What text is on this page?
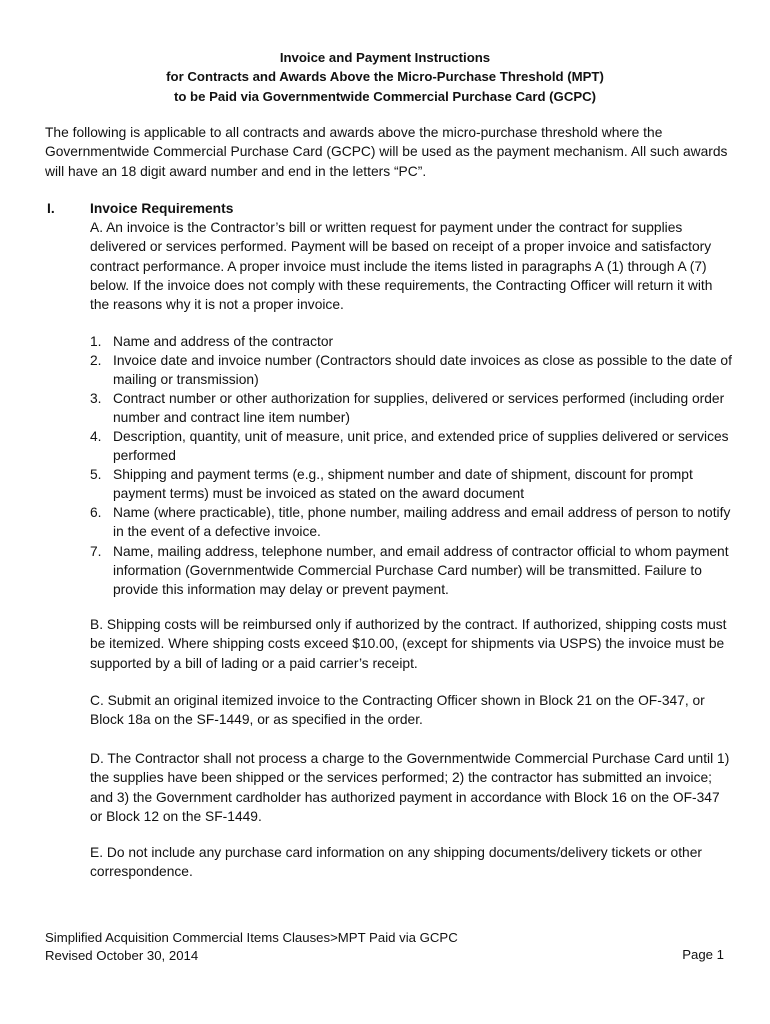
Invoice and Payment Instructions
for Contracts and Awards Above the Micro-Purchase Threshold (MPT)
to be Paid via Governmentwide Commercial Purchase Card (GCPC)
The following is applicable to all contracts and awards above the micro-purchase threshold where the Governmentwide Commercial Purchase Card (GCPC) will be used as the payment mechanism. All such awards will have an 18 digit award number and end in the letters “PC”.
I.	Invoice Requirements
A. An invoice is the Contractor’s bill or written request for payment under the contract for supplies delivered or services performed. Payment will be based on receipt of a proper invoice and satisfactory contract performance. A proper invoice must include the items listed in paragraphs A (1) through A (7) below. If the invoice does not comply with these requirements, the Contracting Officer will return it with the reasons why it is not a proper invoice.
1. Name and address of the contractor
2. Invoice date and invoice number (Contractors should date invoices as close as possible to the date of mailing or transmission)
3. Contract number or other authorization for supplies, delivered or services performed (including order number and contract line item number)
4. Description, quantity, unit of measure, unit price, and extended price of supplies delivered or services performed
5. Shipping and payment terms (e.g., shipment number and date of shipment, discount for prompt payment terms) must be invoiced as stated on the award document
6. Name (where practicable), title, phone number, mailing address and email address of person to notify in the event of a defective invoice.
7. Name, mailing address, telephone number, and email address of contractor official to whom payment information (Governmentwide Commercial Purchase Card number) will be transmitted. Failure to provide this information may delay or prevent payment.
B. Shipping costs will be reimbursed only if authorized by the contract. If authorized, shipping costs must be itemized. Where shipping costs exceed $10.00, (except for shipments via USPS) the invoice must be supported by a bill of lading or a paid carrier’s receipt.
C. Submit an original itemized invoice to the Contracting Officer shown in Block 21 on the OF-347, or Block 18a on the SF-1449, or as specified in the order.
D. The Contractor shall not process a charge to the Governmentwide Commercial Purchase Card until 1) the supplies have been shipped or the services performed; 2) the contractor has submitted an invoice; and 3) the Government cardholder has authorized payment in accordance with Block 16 on the OF-347 or Block 12 on the SF-1449.
E. Do not include any purchase card information on any shipping documents/delivery tickets or other correspondence.
Simplified Acquisition Commercial Items Clauses>MPT Paid via GCPC
Revised October 30, 2014	Page 1
